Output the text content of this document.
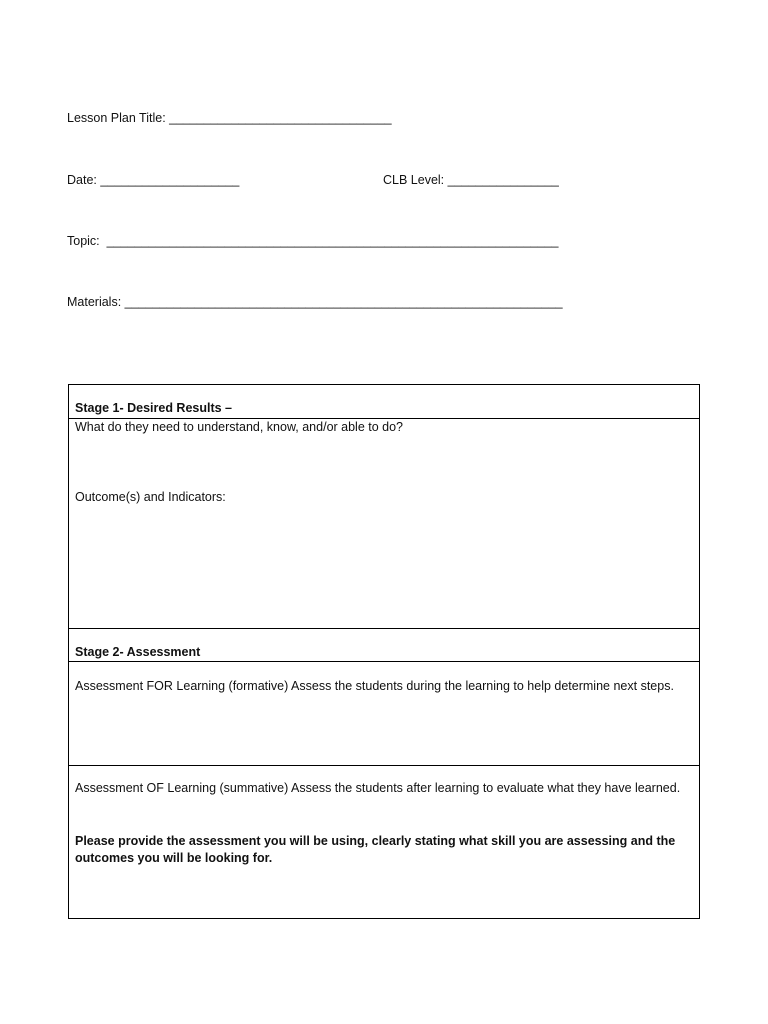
Lesson Plan Title: ________________________________
Date: ____________________	CLB Level: ________________
Topic:  _________________________________________________________________
Materials: _______________________________________________________________
Stage 1- Desired Results –
What do they need to understand, know, and/or able to do?
Outcome(s) and Indicators:
Stage 2- Assessment
Assessment FOR Learning (formative) Assess the students during the learning to help determine next steps.
Assessment OF Learning (summative) Assess the students after learning to evaluate what they have learned.
Please provide the assessment you will be using, clearly stating what skill you are assessing and the outcomes you will be looking for.
